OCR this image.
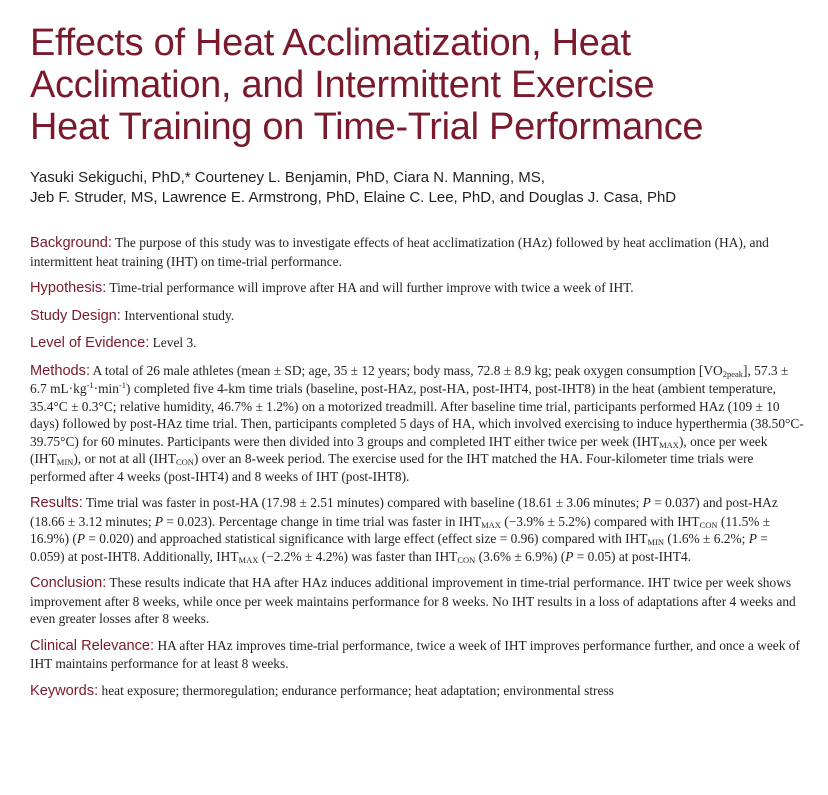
Effects of Heat Acclimatization, Heat
Acclimation, and Intermittent Exercise
Heat Training on Time-Trial Performance
Yasuki Sekiguchi, PhD,* Courteney L. Benjamin, PhD, Ciara N. Manning, MS,
Jeb F. Struder, MS, Lawrence E. Armstrong, PhD, Elaine C. Lee, PhD, and Douglas J. Casa, PhD

Background: The purpose of this study was to investigate effects of heat acclimatization (HAz) followed by heat acclimation (HA), and intermittent heat training (IHT) on time-trial performance.

Hypothesis: Time-trial performance will improve after HA and will further improve with twice a week of IHT.

Study Design: Interventional study.

Level of Evidence: Level 3.

Methods: A total of 26 male athletes (mean ± SD; age, 35 ± 12 years; body mass, 72.8 ± 8.9 kg; peak oxygen consumption $[VO_{2peak}]$, 57.3 ± 6.7 $mL\cdot kg^{-1}\cdot\min^{-1}$) completed five 4-km time trials (baseline, post-HAz, post-HA, post-IHT4, post-IHT8) in the heat (ambient temperature, 35.4°C ± 0.3°C; relative humidity, 46.7% ± 1.2%) on a motorized treadmill. After baseline time trial, participants performed HAz (109 ± 10 days) followed by post-HAz time trial. Then, participants completed 5 days of HA, which involved exercising to induce hyperthermia (38.50°C-39.75°C) for 60 minutes. Participants were then divided into 3 groups and completed IHT either twice per week $(IHT_{MAX})$, once per week $(IHT_{MIN})$, or not at all $(IHT_{CON})$ over an 8-week period. The exercise used for the IHT matched the HA. Four-kilometer time trials were performed after 4 weeks (post-IHT4) and 8 weeks of IHT (post-IHT8).

Results: Time trial was faster in post-HA (17.98 ± 2.51 minutes) compared with baseline (18.61 ± 3.06 minutes; P = 0.037) and post-HAz (18.66 ± 3.12 minutes; P = 0.023). Percentage change in time trial was faster in $IHT_{MAX}$ (−3.9% ± 5.2%) compared with $IHT_{CON}$ (11.5% ± 16.9%) (P = 0.020) and approached statistical significance with large effect (effect size = 0.96) compared with $IHT_{MIN}$ (1.6% ± 6.2%; P = 0.059) at post-IHT8. Additionally, $IHT_{MAX}$ (−2.2% ± 4.2%) was faster than $IHT_{CON}$ (3.6% ± 6.9%) (P = 0.05) at post-IHT4.

Conclusion: These results indicate that HA after HAz induces additional improvement in time-trial performance. IHT twice per week shows improvement after 8 weeks, while once per week maintains performance for 8 weeks. No IHT results in a loss of adaptations after 4 weeks and even greater losses after 8 weeks.

Clinical Relevance: HA after HAz improves time-trial performance, twice a week of IHT improves performance further, and once a week of IHT maintains performance for at least 8 weeks.

Keywords: heat exposure; thermoregulation; endurance performance; heat adaptation; environmental stress
